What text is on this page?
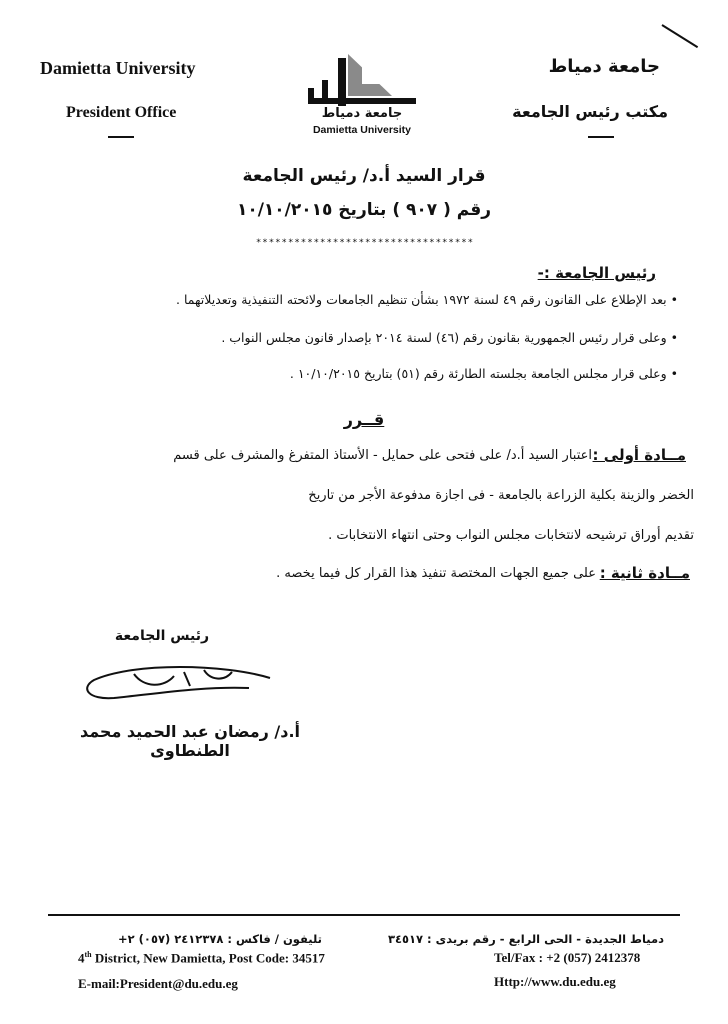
Damietta University
President Office
جامعة دمياط
مكتب رئيس الجامعة
جامعة دمياط
Damietta University
قرار السيد أ.د/ رئيس الجامعة
رقم ( ٩٠٧ ) بتاريخ ١٠/١٠/٢٠١٥
**********************************
رئيس الجامعة :-
• بعد الإطلاع على القانون رقم ٤٩ لسنة ١٩٧٢ بشأن تنظيم الجامعات ولائحته التنفيذية وتعديلاتهما .
• وعلى قرار رئيس الجمهورية بقانون رقم (٤٦) لسنة ٢٠١٤ بإصدار قانون مجلس النواب .
• وعلى قرار مجلس الجامعة بجلسته الطارئة رقم (٥١) بتاريخ ١٠/١٠/٢٠١٥ .
قــرر
مــادة أولى :
اعتبار السيد أ.د/ على فتحى على حمايل - الأستاذ المتفرغ والمشرف على قسم
الخضر والزينة بكلية الزراعة بالجامعة - فى اجازة مدفوعة الأجر من تاريخ
تقديم أوراق ترشيحه لانتخابات مجلس النواب وحتى انتهاء الانتخابات .
مــادة ثانية :
على جميع الجهات المختصة تنفيذ هذا القرار كل فيما يخصه .
رئيس الجامعة
أ.د/ رمضان عبد الحميد محمد الطنطاوى
تليفون / فاكس : ٢٤١٢٣٧٨ (٠٥٧) ٢+	دمياط الجديدة - الحى الرابع - رقم بريدى : ٣٤٥١٧
4th District, New Damietta, Post Code: 34517	Tel/Fax : +2 (057) 2412378
E-mail:President@du.edu.eg	Http://www.du.edu.eg
